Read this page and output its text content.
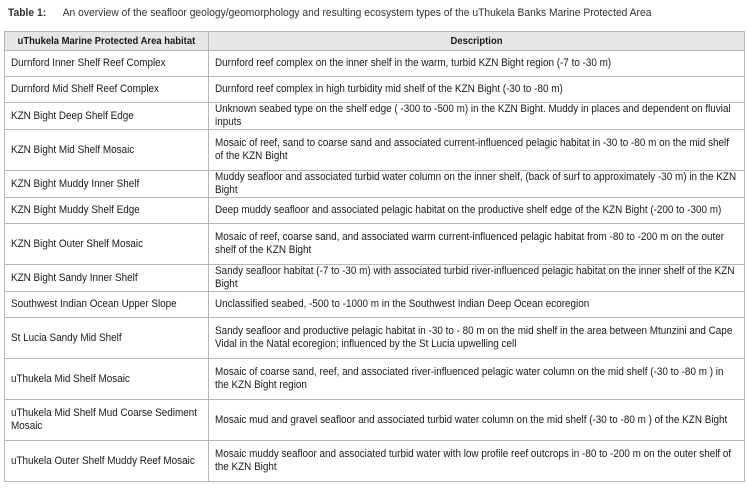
Table 1: An overview of the seafloor geology/geomorphology and resulting ecosystem types of the uThukela Banks Marine Protected Area
uThukela Marine Protected Area habitat	Description

Durnford Inner Shelf Reef Complex	Durnford reef complex on the inner shelf in the warm, turbid KZN Bight region (-7 to -30 m)

Durnford Mid Shelf Reef Complex	Durnford reef complex in high turbidity mid shelf of the KZN Bight (-30 to -80 m)

KZN Bight Deep Shelf Edge	Unknown seabed type on the shelf edge ( -300 to -500 m) in the KZN Bight. Muddy in places and dependent on fluvial inputs

KZN Bight Mid Shelf Mosaic	Mosaic of reef, sand to coarse sand and associated current-influenced pelagic habitat in -30 to -80 m on the mid shelf of the KZN Bight

KZN Bight Muddy Inner Shelf	Muddy seafloor and associated turbid water column on the inner shelf, (back of surf to approximately -30 m) in the KZN Bight

KZN Bight Muddy Shelf Edge	Deep muddy seafloor and associated pelagic habitat on the productive shelf edge of the KZN Bight (-200 to -300 m)

KZN Bight Outer Shelf Mosaic	Mosaic of reef, coarse sand, and associated warm current-influenced pelagic habitat from -80 to -200 m on the outer shelf of the KZN Bight

KZN Bight Sandy Inner Shelf	Sandy seafloor habitat (-7 to -30 m) with associated turbid river-influenced pelagic habitat on the inner shelf of the KZN Bight

Southwest Indian Ocean Upper Slope	Unclassified seabed, -500 to -1000 m in the Southwest Indian Deep Ocean ecoregion

St Lucia Sandy Mid Shelf	Sandy seafloor and productive pelagic habitat in -30 to - 80 m on the mid shelf in the area between Mtunzini and Cape Vidal in the Natal ecoregion; influenced by the St Lucia upwelling cell

uThukela Mid Shelf Mosaic	Mosaic of coarse sand, reef, and associated river-influenced pelagic water column on the mid shelf (-30 to -80 m ) in the KZN Bight region

uThukela Mid Shelf Mud Coarse Sediment Mosaic	Mosaic mud and gravel seafloor and associated turbid water column on the mid shelf (-30 to -80 m ) of the KZN Bight

uThukela Outer Shelf Muddy Reef Mosaic	Mosaic muddy seafloor and associated turbid water with low profile reef outcrops in -80 to -200 m on the outer shelf of the KZN Bight
